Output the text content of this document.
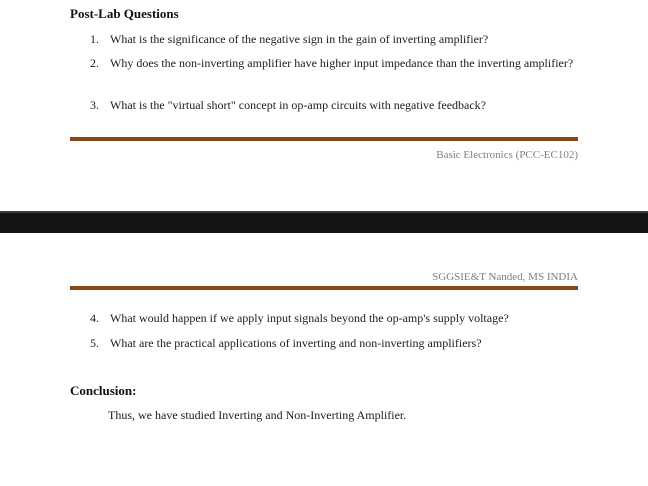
Post-Lab Questions
1. What is the significance of the negative sign in the gain of inverting amplifier?
2. Why does the non-inverting amplifier have higher input impedance than the inverting amplifier?
3. What is the "virtual short" concept in op-amp circuits with negative feedback?
Basic Electronics (PCC-EC102)
SGGSIE&T Nanded, MS INDIA
4. What would happen if we apply input signals beyond the op-amp's supply voltage?
5. What are the practical applications of inverting and non-inverting amplifiers?
Conclusion:
Thus, we have studied Inverting and Non-Inverting Amplifier.
